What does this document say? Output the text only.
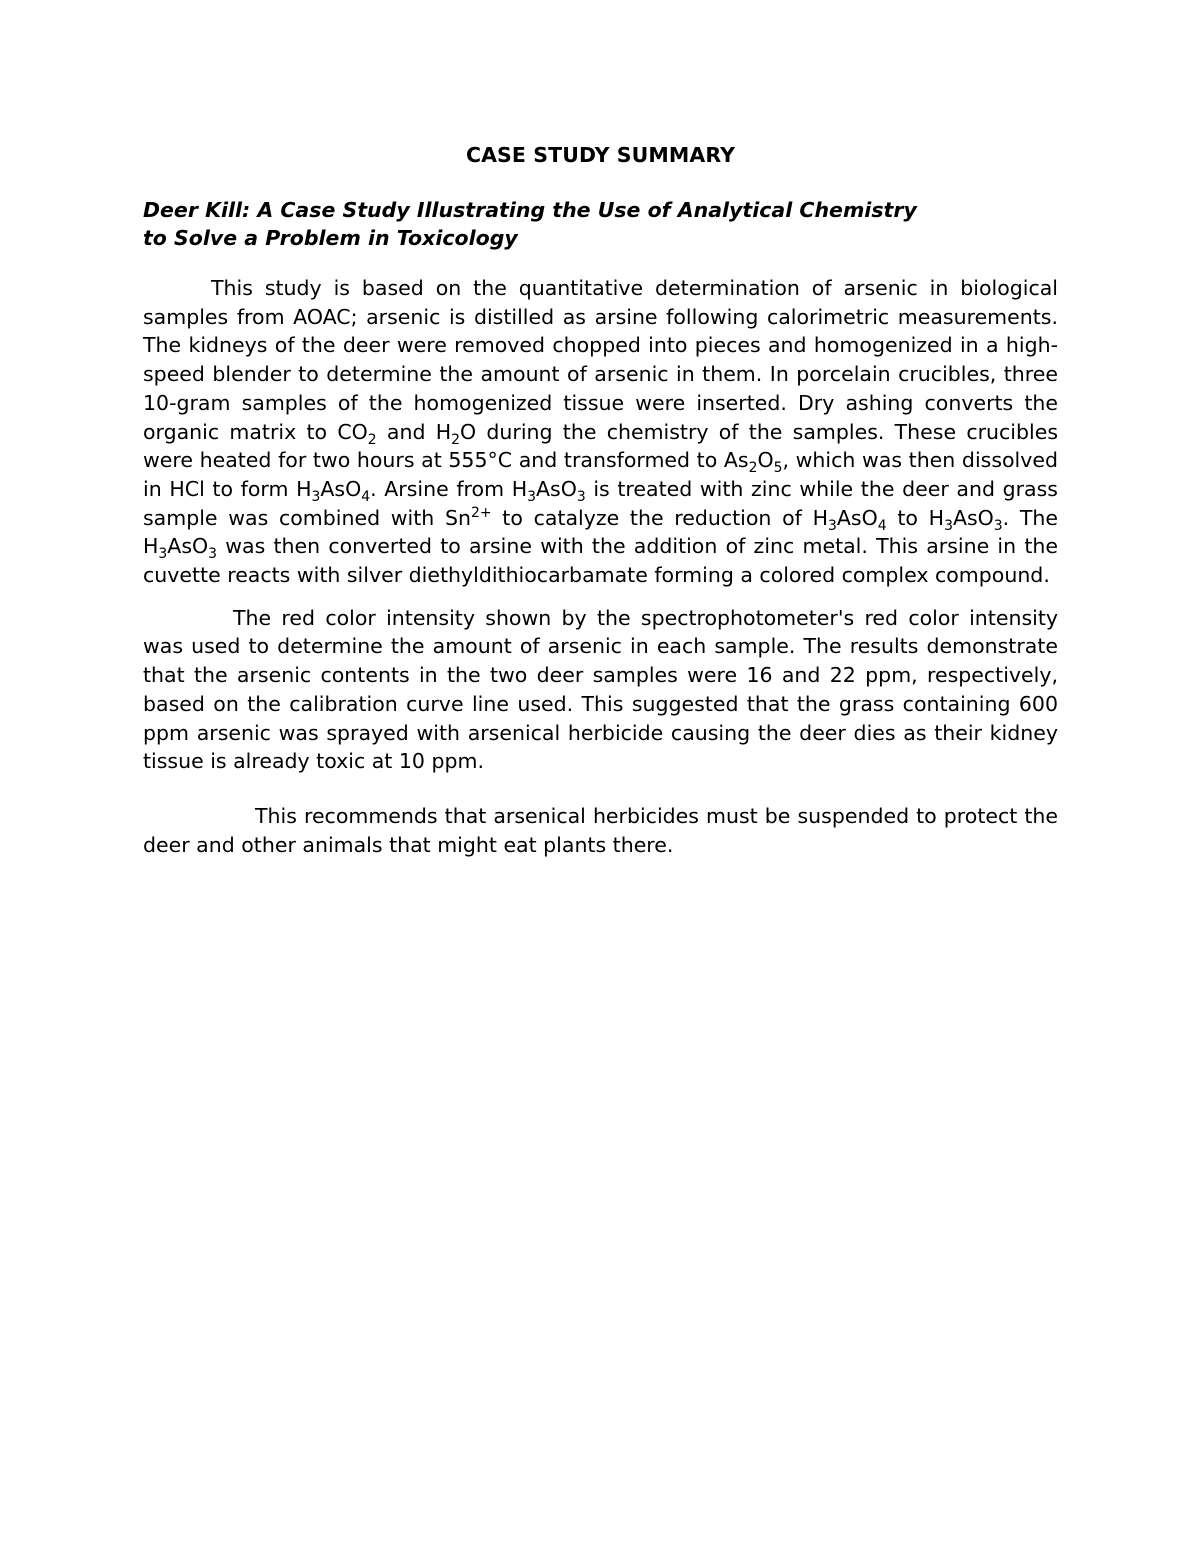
CASE STUDY SUMMARY
Deer Kill: A Case Study Illustrating the Use of Analytical Chemistry
to Solve a Problem in Toxicology

This study is based on the quantitative determination of arsenic in biological samples from AOAC; arsenic is distilled as arsine following calorimetric measurements. The kidneys of the deer were removed chopped into pieces and homogenized in a high-speed blender to determine the amount of arsenic in them. In porcelain crucibles, three 10-gram samples of the homogenized tissue were inserted. Dry ashing converts the organic matrix to $CO_2$ and $H_2O$ during the chemistry of the samples. These crucibles were heated for two hours at 555°C and transformed to $As_2O_5$, which was then dissolved in HCl to form $H_3AsO_4$. Arsine from $H_3AsO_3$ is treated with zinc while the deer and grass sample was combined with $Sn^{2+}$ to catalyze the reduction of $H_3AsO_4$ to $H_3AsO_3$. The $H_3AsO_3$ was then converted to arsine with the addition of zinc metal. This arsine in the cuvette reacts with silver diethyldithiocarbamate forming a colored complex compound.

The red color intensity shown by the spectrophotometer's red color intensity was used to determine the amount of arsenic in each sample. The results demonstrate that the arsenic contents in the two deer samples were 16 and 22 ppm, respectively, based on the calibration curve line used. This suggested that the grass containing 600 ppm arsenic was sprayed with arsenical herbicide causing the deer dies as their kidney tissue is already toxic at 10 ppm.

This recommends that arsenical herbicides must be suspended to protect the deer and other animals that might eat plants there.
